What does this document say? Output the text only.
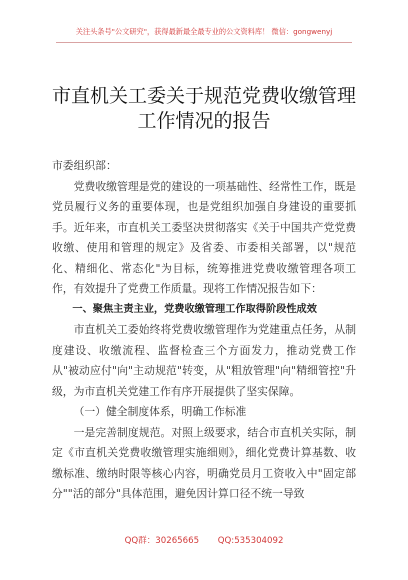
关注头条号"公文研究"，获得最新最全最专业的公文资料库！ 微信：gongwenyj
市直机关工委关于规范党费收缴管理
工作情况的报告

市委组织部：

党费收缴管理是党的建设的一项基础性、经常性工作，既是党员履行义务的重要体现，也是党组织加强自身建设的重要抓手。近年来，市直机关工委坚决贯彻落实《关于中国共产党党费收缴、使用和管理的规定》及省委、市委相关部署，以"规范化、精细化、常态化"为目标，统筹推进党费收缴管理各项工作，有效提升了党费工作质量。现将工作情况报告如下：

一、聚焦主责主业，党费收缴管理工作取得阶段性成效

市直机关工委始终将党费收缴管理作为党建重点任务，从制度建设、收缴流程、监督检查三个方面发力，推动党费工作从"被动应付"向"主动规范"转变，从"粗放管理"向"精细管控"升级，为市直机关党建工作有序开展提供了坚实保障。

（一）健全制度体系，明确工作标准

一是完善制度规范。对照上级要求，结合市直机关实际，制定《市直机关党费收缴管理实施细则》，细化党费计算基数、收缴标准、缴纳时限等核心内容，明确党员月工资收入中"固定部分""活的部分"具体范围，避免因计算口径不统一导致

QQ群：30265665 QQ:535304092
